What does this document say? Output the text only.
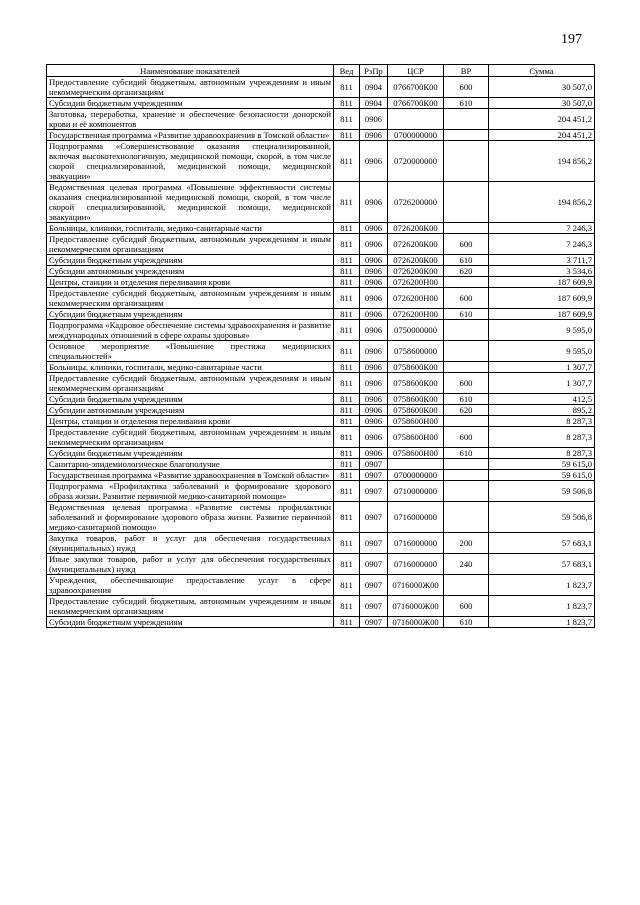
197
Наименование показателей	Вед	РзПр	ЦСР	ВР	Сумма
Предоставление субсидий бюджетным, автономным учреждениям и иным некоммерческим организациям	811	0904	0766700К00	600	30 507,0
Субсидии бюджетным учреждениям	811	0904	0766700К00	610	30 507,0
Заготовка, переработка, хранение и обеспечение безопасности донорской крови и её компонентов	811	0906			204 451,2
Государственная программа «Развитие здравоохранения в Томской области»	811	0906	0700000000		204 451,2
Подпрограмма «Совершенствование оказания специализированной, включая высокотехнологичную, медицинской помощи, скорой, в том числе скорой специализированной, медицинской помощи, медицинской эвакуации»	811	0906	0720000000		194 856,2
Ведомственная целевая программа «Повышение эффективности системы оказания специализированной медицинской помощи, скорой, в том числе скорой специализированной, медицинской помощи, медицинской эвакуации»	811	0906	0726200000		194 856,2
Больницы, клиники, госпитали, медико-санитарные части	811	0906	0726200К00		7 246,3
Предоставление субсидий бюджетным, автономным учреждениям и иным некоммерческим организациям	811	0906	0726200К00	600	7 246,3
Субсидии бюджетным учреждениям	811	0906	0726200К00	610	3 711,7
Субсидии автономным учреждениям	811	0906	0726200К00	620	3 534,6
Центры, станции и отделения переливания крови	811	0906	0726200Н00		187 609,9
Предоставление субсидий бюджетным, автономным учреждениям и иным некоммерческим организациям	811	0906	0726200Н00	600	187 609,9
Субсидии бюджетным учреждениям	811	0906	0726200Н00	610	187 609,9
Подпрограмма «Кадровое обеспечение системы здравоохранения и развитие международных отношений в сфере охраны здоровья»	811	0906	0750000000		9 595,0
Основное мероприятие «Повышение престижа медицинских специальностей»	811	0906	0758600000		9 595,0
Больницы, клиники, госпитали, медико-санитарные части	811	0906	0758600К00		1 307,7
Предоставление субсидий бюджетным, автономным учреждениям и иным некоммерческим организациям	811	0906	0758600К00	600	1 307,7
Субсидии бюджетным учреждениям	811	0906	0758600К00	610	412,5
Субсидии автономным учреждениям	811	0906	0758600К00	620	895,2
Центры, станции и отделения переливания крови	811	0906	0758600Н00		8 287,3
Предоставление субсидий бюджетным, автономным учреждениям и иным некоммерческим организациям	811	0906	0758600Н00	600	8 287,3
Субсидии бюджетным учреждениям	811	0906	0758600Н00	610	8 287,3
Санитарно-эпидемиологическое благополучие	811	0907			59 615,0
Государственная программа «Развитие здравоохранения в Томской области»	811	0907	0700000000		59 615,0
Подпрограмма «Профилактика заболеваний и формирование здорового образа жизни. Развитие первичной медико-санитарной помощи»	811	0907	0710000000		59 506,8
Ведомственная целевая программа «Развитие системы профилактики заболеваний и формирование здорового образа жизни. Развитие первичной медико-санитарной помощи»	811	0907	0716000000		59 506,8
Закупка товаров, работ и услуг для обеспечения государственных (муниципальных) нужд	811	0907	0716000000	200	57 683,1
Иные закупки товаров, работ и услуг для обеспечения государственных (муниципальных) нужд	811	0907	0716000000	240	57 683,1
Учреждения, обеспечивающие предоставление услуг в сфере здравоохранения	811	0907	0716000Ж00		1 823,7
Предоставление субсидий бюджетным, автономным учреждениям и иным некоммерческим организациям	811	0907	0716000Ж00	600	1 823,7
Субсидии бюджетным учреждениям	811	0907	0716000Ж00	610	1 823,7
